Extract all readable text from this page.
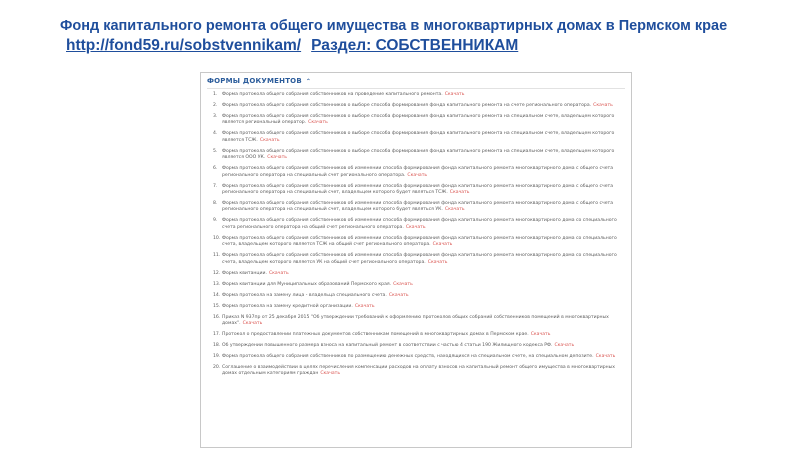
Фонд капитального ремонта общего имущества в многоквартирных домах в Пермском крае http://fond59.ru/sobstvennikam/ Раздел: СОБСТВЕННИКАМ
ФОРМЫ ДОКУМЕНТОВ ⌃
1.	Форма протокола общего собрания собственников на проведение капитального ремонта. Скачать
2.	Форма протокола общего собрания собственников о выборе способа формирования фонда капитального ремонта на счете регионального оператора. Скачать
3.	Форма протокола общего собрания собственников о выборе способа формирования фонда капитального ремонта на специальном счете, владельцем которого является региональный оператор. Скачать
4.	Форма протокола общего собрания собственников о выборе способа формирования фонда капитального ремонта на специальном счете, владельцем которого является ТСЖ. Скачать
5.	Форма протокола общего собрания собственников о выборе способа формирования фонда капитального ремонта на специальном счете, владельцем которого является ООО УК. Скачать
6.	Форма протокола общего собрания собственников об изменении способа формирования фонда капитального ремонта многоквартирного дома с общего счета регионального оператора на специальный счет регионального оператора. Скачать
7.	Форма протокола общего собрания собственников об изменении способа формирования фонда капитального ремонта многоквартирного дома с общего счета регионального оператора на специальный счет, владельцем которого будет являться ТСЖ. Скачать
8.	Форма протокола общего собрания собственников об изменении способа формирования фонда капитального ремонта многоквартирного дома с общего счета регионального оператора на специальный счет, владельцем которого будет являться УК. Скачать
9.	Форма протокола общего собрания собственников об изменении способа формирования фонда капитального ремонта многоквартирного дома со специального счета регионального оператора на общий счет регионального оператора. Скачать
10. Форма протокола общего собрания собственников об изменении способа формирования фонда капитального ремонта многоквартирного дома со специального счета, владельцем которого является ТСЖ на общий счет регионального оператора. Скачать
11. Форма протокола общего собрания собственников об изменении способа формирования фонда капитального ремонта многоквартирного дома со специального счета, владельцем которого является УК на общий счет регионального оператора. Скачать
12. Форма квитанции. Скачать
13. Форма квитанции для Муниципальных образований Пермского края. Скачать
14. Форма протокола на замену лица - владельца специального счета. Скачать
15. Форма протокола на замену кредитной организации. Скачать
16. Приказ N 937пр от 25 декабря 2015 "Об утверждении требований к оформлению протоколов общих собраний собственников помещений в многоквартирных домах". Скачать
17. Протокол о предоставлении платежных документов собственникам помещений в многоквартирных домах в Пермском крае. Скачать
18. Об утверждении повышенного размера взноса на капитальный ремонт в соответствии с частью 4 статьи 190 Жилищного кодекса РФ. Скачать
19. Форма протокола общего собрания собственников по размещению денежных средств, находящихся на специальном счете, на специальном депозите. Скачать
20. Соглашение о взаимодействии в целях перечисления компенсации расходов на оплату взносов на капитальный ремонт общего имущества в многоквартирных домах отдельным категориям граждан Скачать
